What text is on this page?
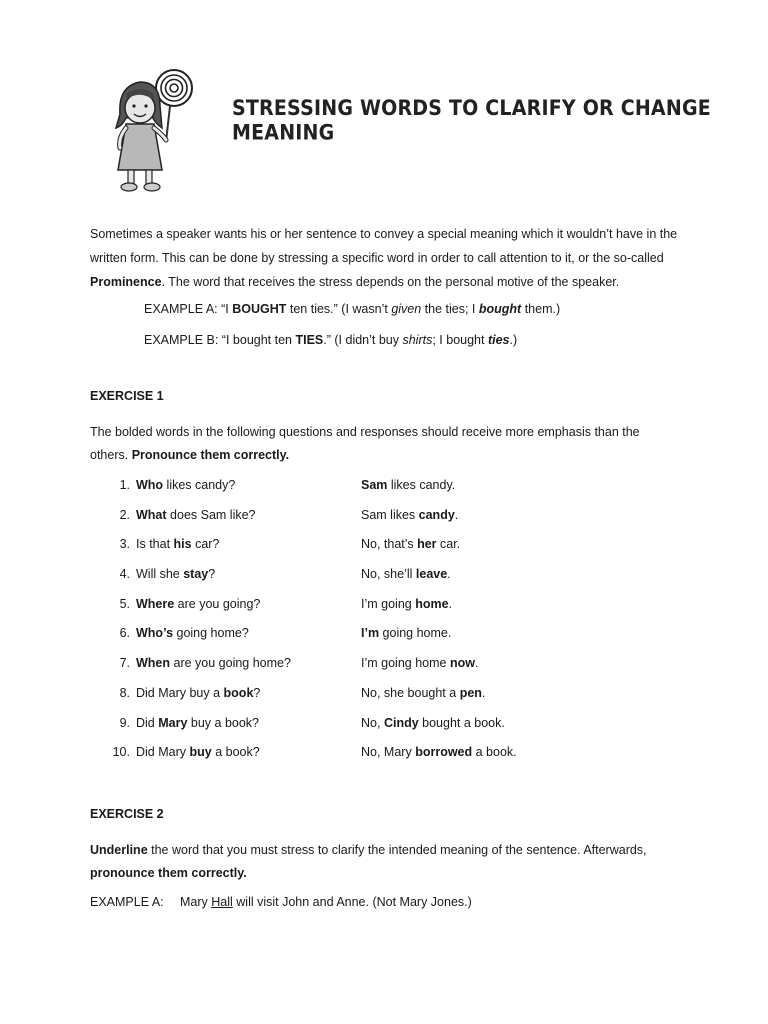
STRESSING WORDS TO CLARIFY OR CHANGE MEANING

Sometimes a speaker wants his or her sentence to convey a special meaning which it wouldn’t have in the

written form. This can be done by stressing a specific word in order to call attention to it, or the so-called

Prominence. The word that receives the stress depends on the personal motive of the speaker.

EXAMPLE A: “I BOUGHT ten ties.” (I wasn’t given the ties; I bought them.)
EXAMPLE B: “I bought ten TIES.” (I didn’t buy shirts; I bought ties.)
EXERCISE 1

The bolded words in the following questions and responses should receive more emphasis than the

others. Pronounce them correctly.

1. Who likes candy?	Sam likes candy.
2. What does Sam like?	Sam likes candy.
3. Is that his car?	No, that’s her car.
4. Will she stay?	No, she’ll leave.
5. Where are you going?	I’m going home.
6. Who’s going home?	I’m going home.
7. When are you going home?	I’m going home now.
8. Did Mary buy a book?	No, she bought a pen.
9. Did Mary buy a book?	No, Cindy bought a book.
10. Did Mary buy a book?	No, Mary borrowed a book.
EXERCISE 2

Underline the word that you must stress to clarify the intended meaning of the sentence. Afterwards,

pronounce them correctly.

EXAMPLE A: Mary Hall will visit John and Anne. (Not Mary Jones.)
